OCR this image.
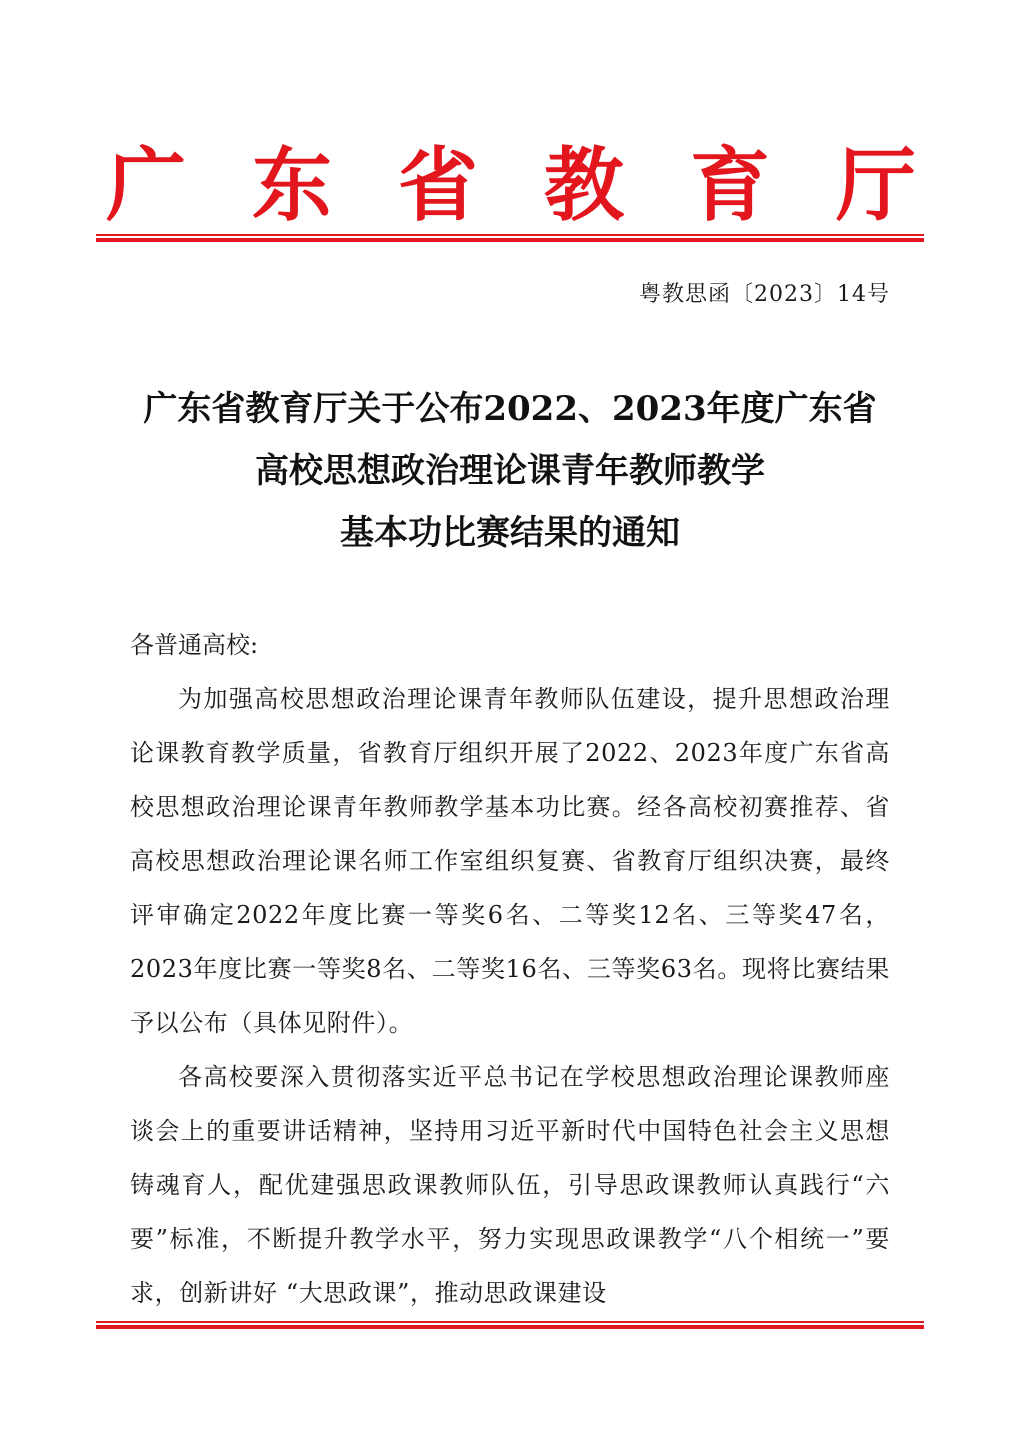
广 东 省 教 育 厅
粤教思函〔2023〕14号
广东省教育厅关于公布2022、2023年度广东省
高校思想政治理论课青年教师教学
基本功比赛结果的通知

各普通高校:

为加强高校思想政治理论课青年教师队伍建设，提升思想政治理论课教育教学质量，省教育厅组织开展了2022、2023年度广东省高校思想政治理论课青年教师教学基本功比赛。经各高校初赛推荐、省高校思想政治理论课名师工作室组织复赛、省教育厅组织决赛，最终评审确定2022年度比赛一等奖6名、二等奖12名、三等奖47名，2023年度比赛一等奖8名、二等奖16名、三等奖63名。现将比赛结果予以公布（具体见附件）。

各高校要深入贯彻落实近平总书记在学校思想政治理论课教师座谈会上的重要讲话精神，坚持用习近平新时代中国特色社会主义思想铸魂育人，配优建强思政课教师队伍，引导思政课教师认真践行“六要”标准，不断提升教学水平，努力实现思政课教学“八个相统一”要求，创新讲好 “大思政课”，推动思政课建设
